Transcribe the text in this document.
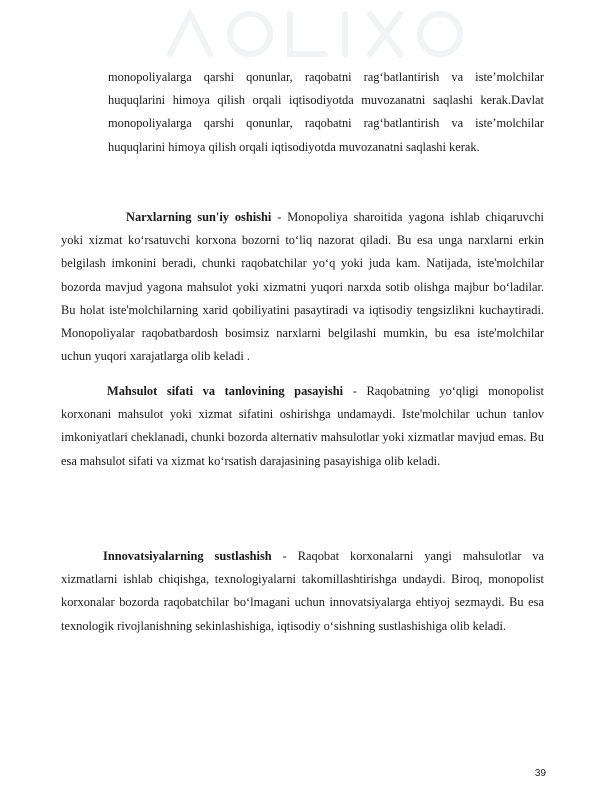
monopoliyalarga qarshi qonunlar, raqobatni rag‘batlantirish va iste’molchilar huquqlarini himoya qilish orqali iqtisodiyotda muvozanatni saqlashi kerak.Davlat monopoliyalarga qarshi qonunlar, raqobatni rag‘batlantirish va iste’molchilar huquqlarini himoya qilish orqali iqtisodiyotda muvozanatni saqlashi kerak.

Narxlarning sun'iy oshishi - Monopoliya sharoitida yagona ishlab chiqaruvchi yoki xizmat ko‘rsatuvchi korxona bozorni to‘liq nazorat qiladi. Bu esa unga narxlarni erkin belgilash imkonini beradi, chunki raqobatchilar yo‘q yoki juda kam. Natijada, iste'molchilar bozorda mavjud yagona mahsulot yoki xizmatni yuqori narxda sotib olishga majbur bo‘ladilar. Bu holat iste'molchilarning xarid qobiliyatini pasaytiradi va iqtisodiy tengsizlikni kuchaytiradi. Monopoliyalar raqobatbardosh bosimsiz narxlarni belgilashi mumkin, bu esa iste'molchilar uchun yuqori xarajatlarga olib keladi .

Mahsulot sifati va tanlovining pasayishi - Raqobatning yo‘qligi monopolist korxonani mahsulot yoki xizmat sifatini oshirishga undamaydi. Iste'molchilar uchun tanlov imkoniyatlari cheklanadi, chunki bozorda alternativ mahsulotlar yoki xizmatlar mavjud emas. Bu esa mahsulot sifati va xizmat ko‘rsatish darajasining pasayishiga olib keladi.

Innovatsiyalarning sustlashish - Raqobat korxonalarni yangi mahsulotlar va xizmatlarni ishlab chiqishga, texnologiyalarni takomillashtirishga undaydi. Biroq, monopolist korxonalar bozorda raqobatchilar bo‘lmagani uchun innovatsiyalarga ehtiyoj sezmaydi. Bu esa texnologik rivojlanishning sekinlashishiga, iqtisodiy o‘sishning sustlashishiga olib keladi.

39
